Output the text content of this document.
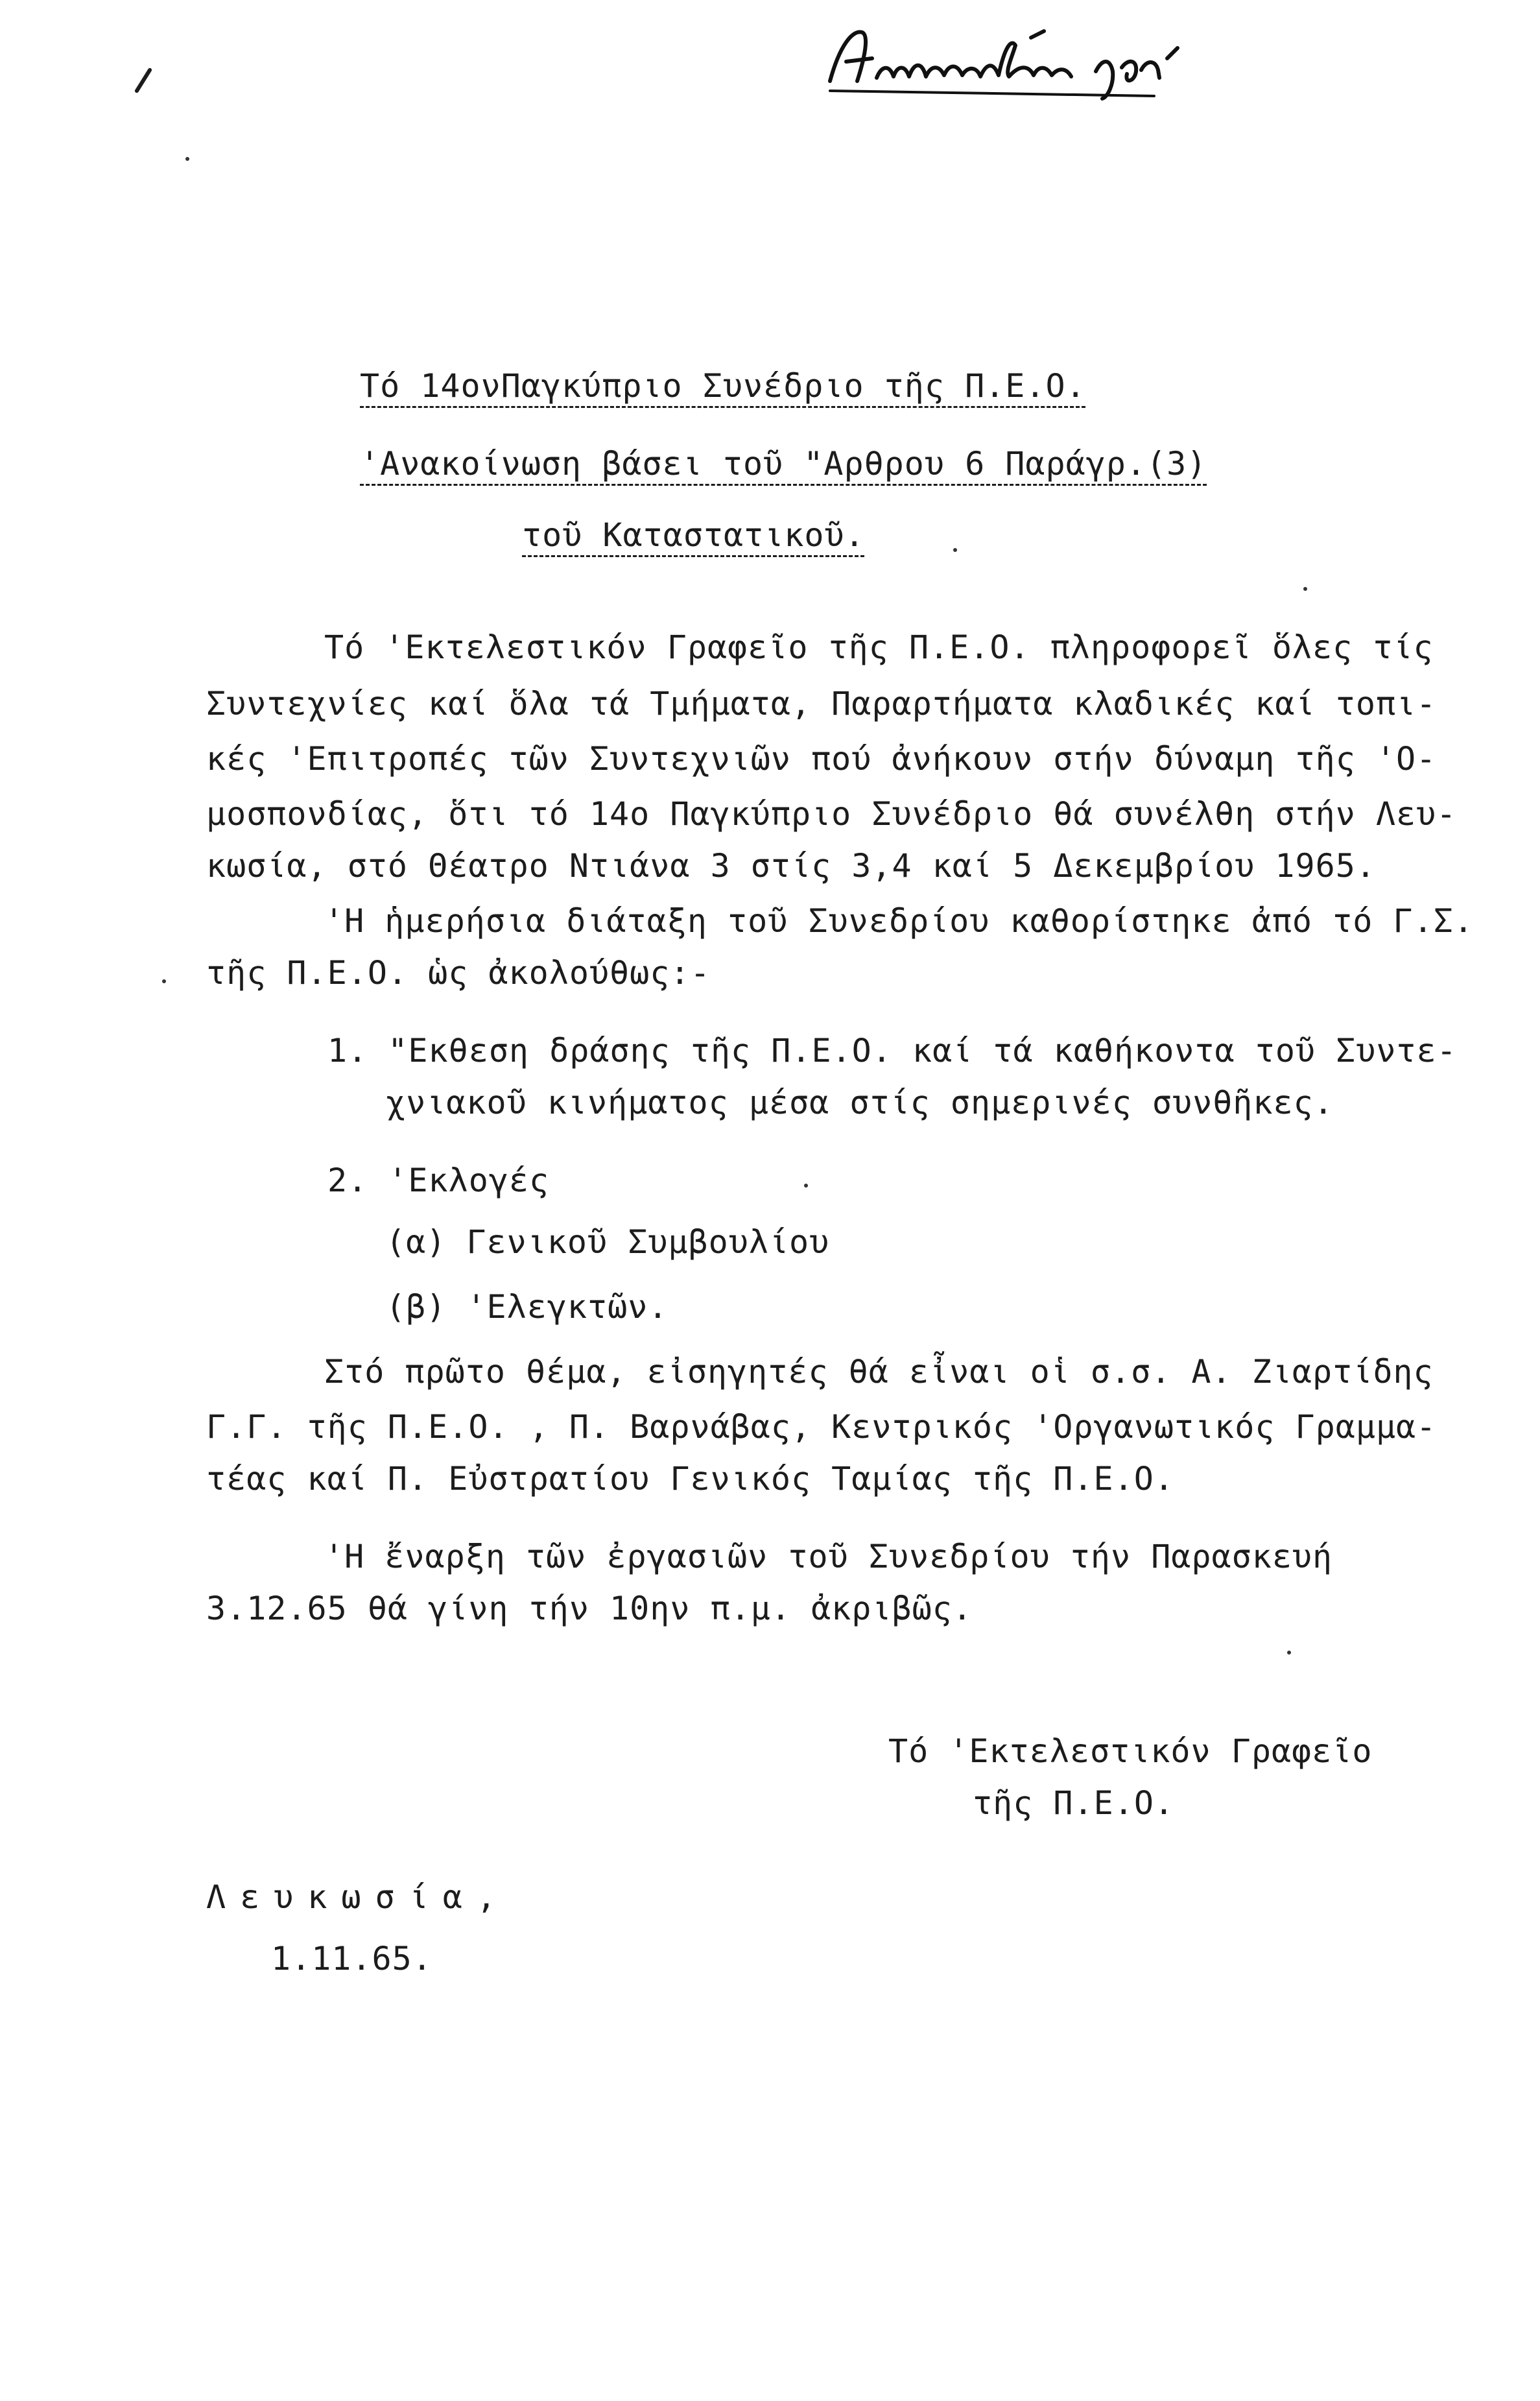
Τό 14ονΠαγκύπριο Συνέδριο τῆς Π.Ε.Ο.
'Ανακοίνωση βάσει τοῦ "Αρθρου 6 Παράγρ.(3)
τοῦ Καταστατικοῦ.
Τό 'Εκτελεστικόν Γραφεῖο τῆς Π.Ε.Ο. πληροφορεῖ ὅλες τίς
Συντεχνίες καί ὅλα τά Τμήματα, Παραρτήματα κλαδικές καί τοπι-
κές 'Επιτροπές τῶν Συντεχνιῶν πού ἀνήκουν στήν δύναμη τῆς 'Ο-
μοσπονδίας, ὅτι τό 14ο Παγκύπριο Συνέδριο θά συνέλθη στήν Λευ-
κωσία, στό Θέατρο Ντιάνα 3 στίς 3,4 καί 5 Δεκεμβρίου 1965.
'Η ἡμερήσια διάταξη τοῦ Συνεδρίου καθορίστηκε ἀπό τό Γ.Σ.
τῆς Π.Ε.Ο. ὡς ἀκολούθως:-
1. "Εκθεση δράσης τῆς Π.Ε.Ο. καί τά καθήκοντα τοῦ Συντε-
χνιακοῦ κινήματος μέσα στίς σημερινές συνθῆκες.
2. 'Εκλογές
(α) Γενικοῦ Συμβουλίου
(β) 'Ελεγκτῶν.
Στό πρῶτο θέμα, εἰσηγητές θά εἶναι οἱ σ.σ. Α. Ζιαρτίδης
Γ.Γ. τῆς Π.Ε.Ο. , Π. Βαρνάβας, Κεντρικός 'Οργανωτικός Γραμμα-
τέας καί Π. Εὐστρατίου Γενικός Ταμίας τῆς Π.Ε.Ο.
'Η ἔναρξη τῶν ἐργασιῶν τοῦ Συνεδρίου τήν Παρασκευή
3.12.65 θά γίνη τήν 10ην π.μ. ἀκριβῶς.
Τό 'Εκτελεστικόν Γραφεῖο
τῆς Π.Ε.Ο.
Λευκωσία,
1.11.65.
